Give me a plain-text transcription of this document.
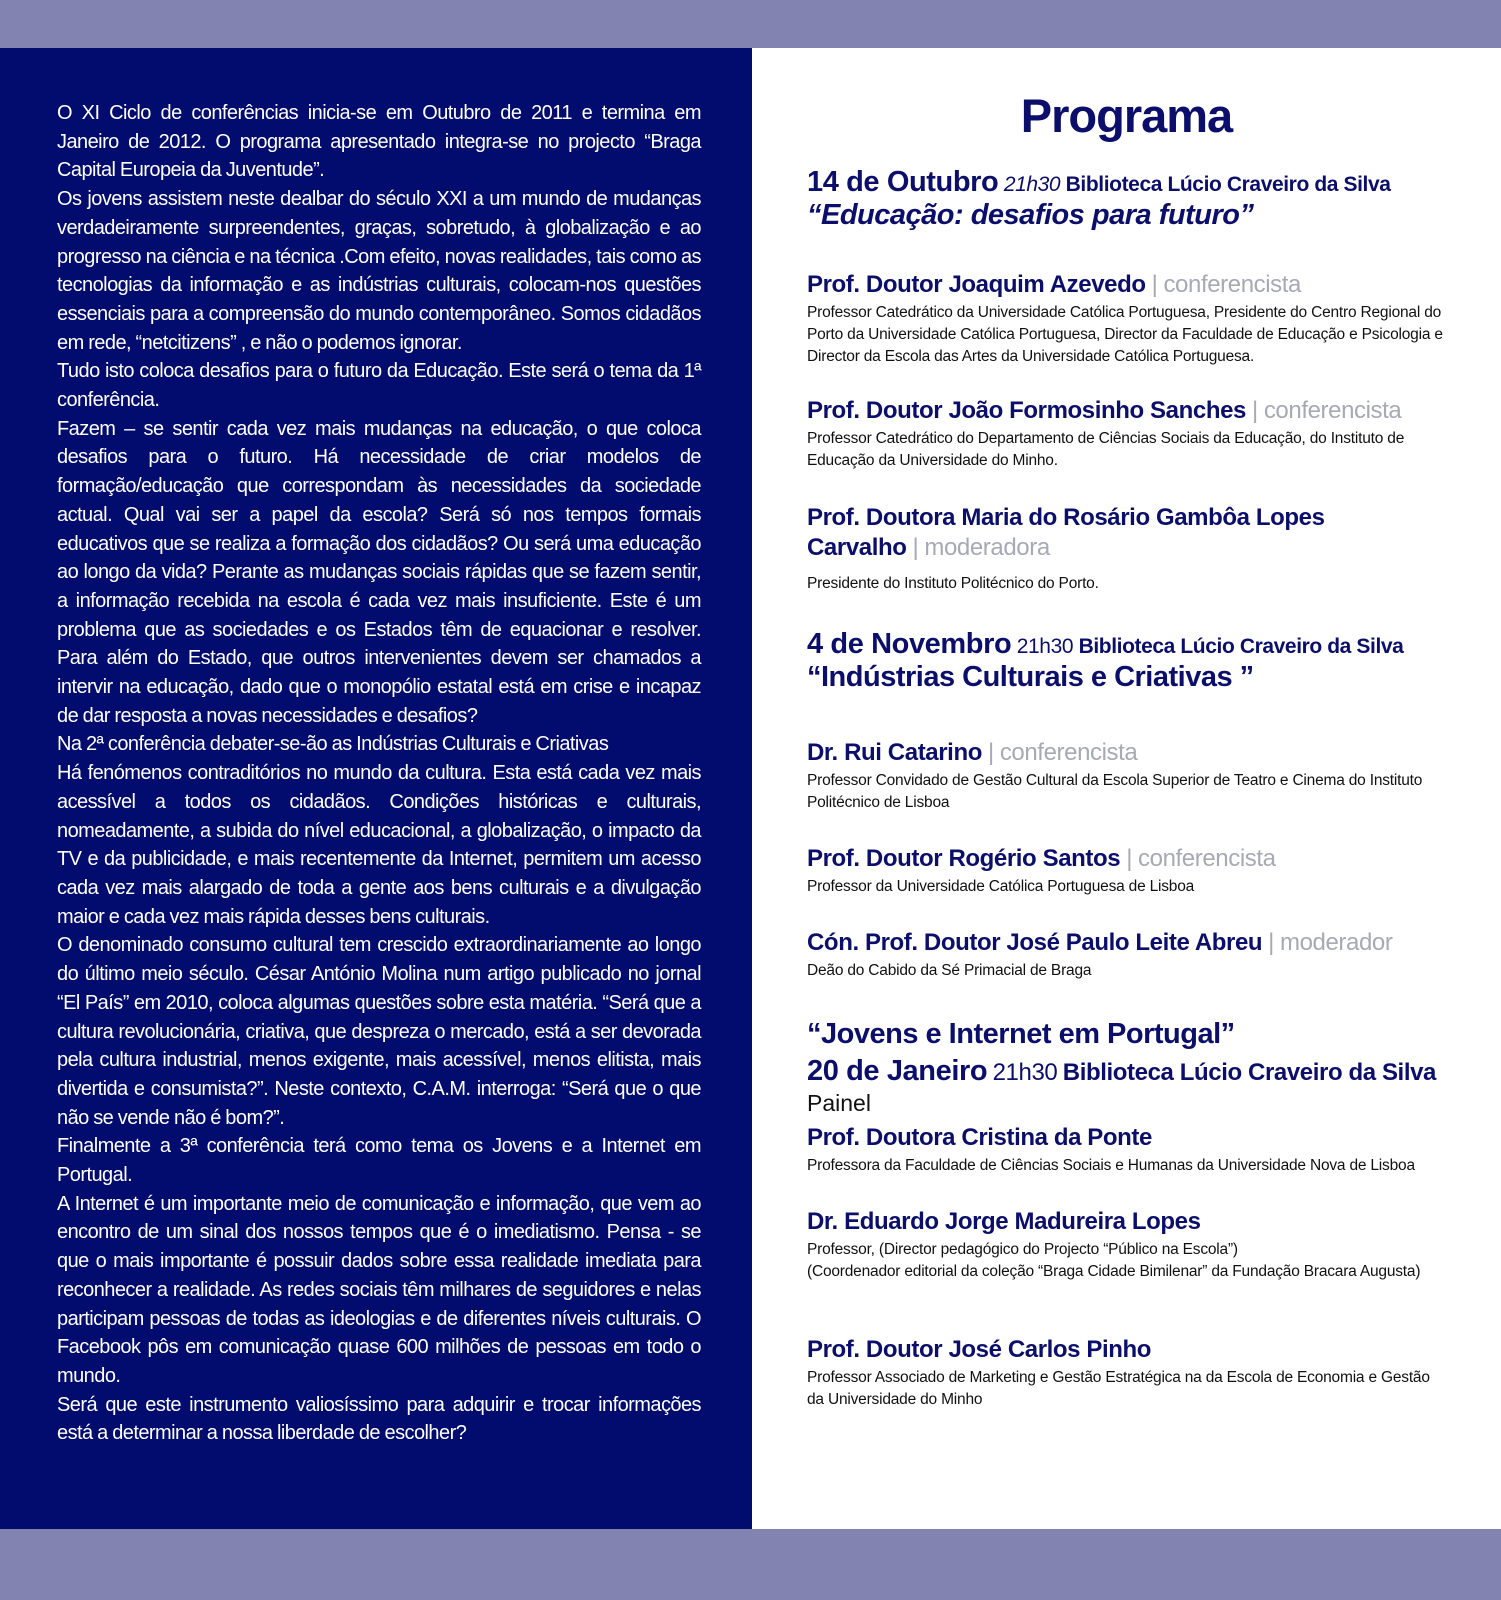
O XI Ciclo de conferências inicia-se em Outubro de 2011 e termina em Janeiro de 2012. O programa apresentado integra-se no projecto “Braga Capital Europeia da Juventude”.

Os jovens assistem neste dealbar do século XXI a um mundo de mudanças verdadeiramente surpreendentes, graças, sobretudo, à globalização e ao progresso na ciência e na técnica .Com efeito, novas realidades, tais como as tecnologias da informação e as indústrias culturais, colocam-nos questões essenciais para a compreensão do mundo contemporâneo. Somos cidadãos em rede, “netcitizens” , e não o podemos ignorar.

Tudo isto coloca desafios para o futuro da Educação. Este será o tema da 1ª conferência.

Fazem – se sentir cada vez mais mudanças na educação, o que coloca desafios para o futuro. Há necessidade de criar modelos de formação/educação que correspondam às necessidades da sociedade actual. Qual vai ser a papel da escola? Será só nos tempos formais educativos que se realiza a formação dos cidadãos? Ou será uma educação ao longo da vida? Perante as mudanças sociais rápidas que se fazem sentir, a informação recebida na escola é cada vez mais insuficiente. Este é um problema que as sociedades e os Estados têm de equacionar e resolver. Para além do Estado, que outros intervenientes devem ser chamados a intervir na educação, dado que o monopólio estatal está em crise e incapaz de dar resposta a novas necessidades e desafios?

Na 2ª conferência debater-se-ão as Indústrias Culturais e Criativas

Há fenómenos contraditórios no mundo da cultura. Esta está cada vez mais acessível a todos os cidadãos. Condições históricas e culturais, nomeadamente, a subida do nível educacional, a globalização, o impacto da TV e da publicidade, e mais recentemente da Internet, permitem um acesso cada vez mais alargado de toda a gente aos bens culturais e a divulgação maior e cada vez mais rápida desses bens culturais.

O denominado consumo cultural tem crescido extraordinariamente ao longo do último meio século. César António Molina num artigo publicado no jornal “El País” em 2010, coloca algumas questões sobre esta matéria. “Será que a cultura revolucionária, criativa, que despreza o mercado, está a ser devorada pela cultura industrial, menos exigente, mais acessível, menos elitista, mais divertida e consumista?”. Neste contexto, C.A.M. interroga: “Será que o que não se vende não é bom?”.

Finalmente a 3ª conferência terá como tema os Jovens e a Internet em Portugal.

A Internet é um importante meio de comunicação e informação, que vem ao encontro de um sinal dos nossos tempos que é o imediatismo. Pensa - se que o mais importante é possuir dados sobre essa realidade imediata para reconhecer a realidade. As redes sociais têm milhares de seguidores e nelas participam pessoas de todas as ideologias e de diferentes níveis culturais. O Facebook pôs em comunicação quase 600 milhões de pessoas em todo o mundo.

Será que este instrumento valiosíssimo para adquirir e trocar informações está a determinar a nossa liberdade de escolher?

Programa
14 de Outubro 21h30 Biblioteca Lúcio Craveiro da Silva
“Educação: desafios para futuro”
Prof. Doutor Joaquim Azevedo | conferencista
Professor Catedrático da Universidade Católica Portuguesa, Presidente do Centro Regional do Porto da Universidade Católica Portuguesa, Director da Faculdade de Educação e Psicologia e Director da Escola das Artes da Universidade Católica Portuguesa.
Prof. Doutor João Formosinho Sanches | conferencista
Professor Catedrático do Departamento de Ciências Sociais da Educação, do Instituto de Educação da Universidade do Minho.
Prof. Doutora Maria do Rosário Gambôa Lopes Carvalho | moderadora
Presidente do Instituto Politécnico do Porto.
4 de Novembro 21h30 Biblioteca Lúcio Craveiro da Silva
“Indústrias Culturais e Criativas ”
Dr. Rui Catarino | conferencista
Professor Convidado de Gestão Cultural da Escola Superior de Teatro e Cinema do Instituto Politécnico de Lisboa
Prof. Doutor Rogério Santos | conferencista
Professor da Universidade Católica Portuguesa de Lisboa
Cón. Prof. Doutor José Paulo Leite Abreu | moderador
Deão do Cabido da Sé Primacial de Braga
“Jovens e Internet em Portugal”
20 de Janeiro 21h30 Biblioteca Lúcio Craveiro da Silva
Painel
Prof. Doutora Cristina da Ponte
Professora da Faculdade de Ciências Sociais e Humanas da Universidade Nova de Lisboa
Dr. Eduardo Jorge Madureira Lopes
Professor, (Director pedagógico do Projecto “Público na Escola”)
(Coordenador editorial da coleção “Braga Cidade Bimilenar” da Fundação Bracara Augusta)
Prof. Doutor José Carlos Pinho
Professor Associado de Marketing e Gestão Estratégica na da Escola de Economia e Gestão da Universidade do Minho
